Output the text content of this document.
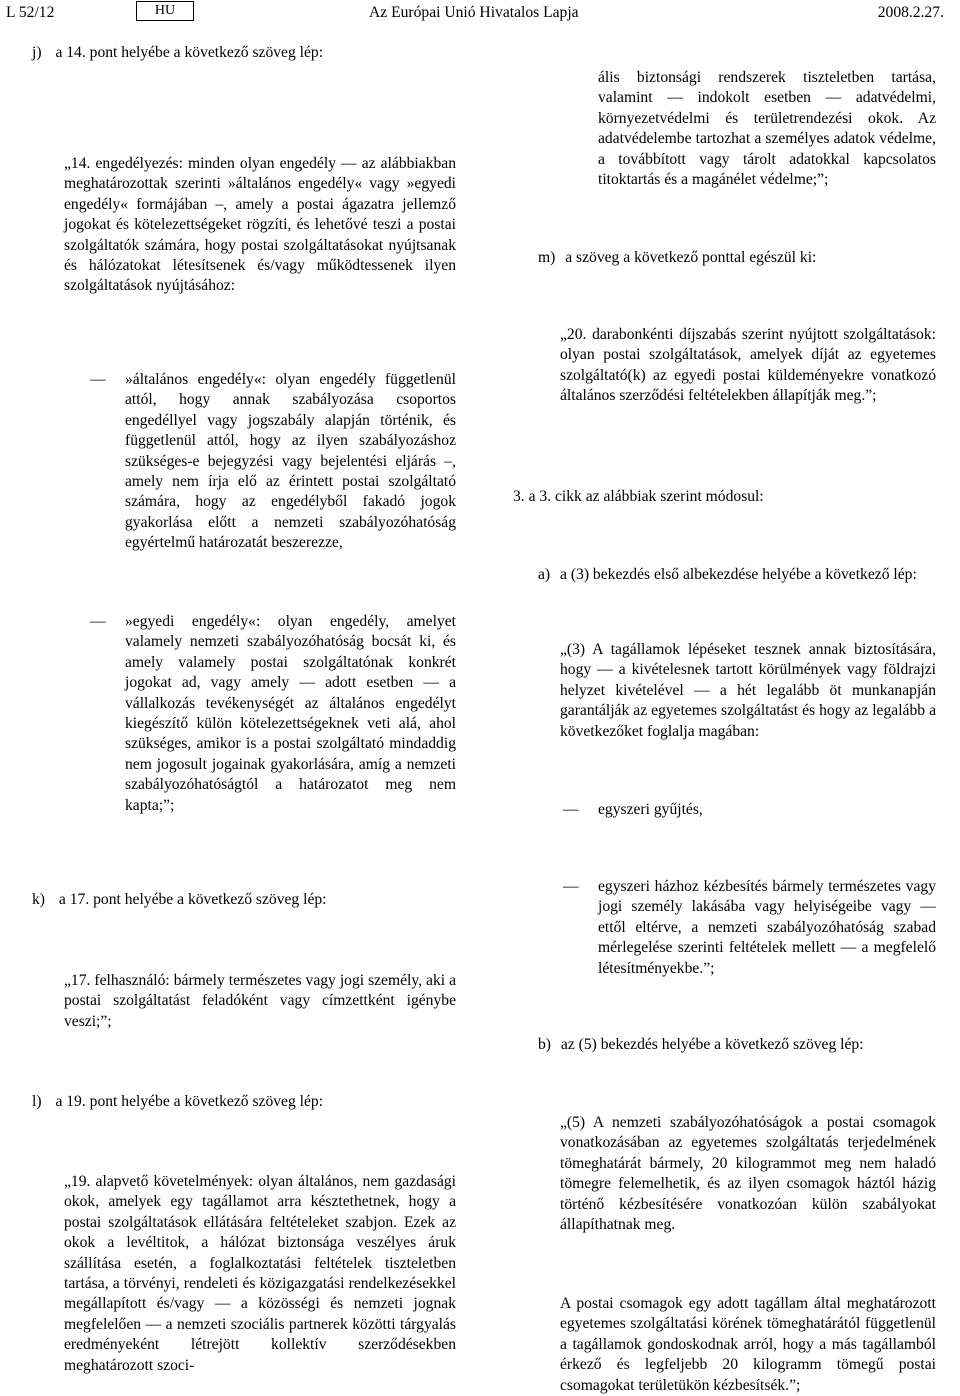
L 52/12	HU	Az Európai Unió Hivatalos Lapja	2008.2.27.
j) a 14. pont helyébe a következő szöveg lép:
„14. engedélyezés: minden olyan engedély — az alábbiakban meghatározottak szerinti »általános engedély« vagy »egyedi engedély« formájában –, amely a postai ágazatra jellemző jogokat és kötelezettségeket rögzíti, és lehetővé teszi a postai szolgáltatók számára, hogy postai szolgáltatásokat nyújtsanak és hálózatokat létesítsenek és/vagy működtessenek ilyen szolgáltatások nyújtásához:
— »általános engedély«: olyan engedély függetlenül attól, hogy annak szabályozása csoportos engedéllyel vagy jogszabály alapján történik, és függetlenül attól, hogy az ilyen szabályozáshoz szükséges-e bejegyzési vagy bejelentési eljárás –, amely nem írja elő az érintett postai szolgáltató számára, hogy az engedélyből fakadó jogok gyakorlása előtt a nemzeti szabályozóhatóság egyértelmű határozatát beszerezze,
— »egyedi engedély«: olyan engedély, amelyet valamely nemzeti szabályozóhatóság bocsát ki, és amely valamely postai szolgáltatónak konkrét jogokat ad, vagy amely — adott esetben — a vállalkozás tevékenységét az általános engedélyt kiegészítő külön kötelezettségeknek veti alá, ahol szükséges, amikor is a postai szolgáltató mindaddig nem jogosult jogainak gyakorlására, amíg a nemzeti szabályozóhatóságtól a határozatot meg nem kapta;”;
k) a 17. pont helyébe a következő szöveg lép:
„17. felhasználó: bármely természetes vagy jogi személy, aki a postai szolgáltatást feladóként vagy címzettként igénybe veszi;”;
l) a 19. pont helyébe a következő szöveg lép:
„19. alapvető követelmények: olyan általános, nem gazdasági okok, amelyek egy tagállamot arra késztethetnek, hogy a postai szolgáltatások ellátására feltételeket szabjon. Ezek az okok a levéltitok, a hálózat biztonsága veszélyes áruk szállítása esetén, a foglalkoztatási feltételek tiszteletben tartása, a törvényi, rendeleti és közigazgatási rendelkezésekkel megállapított és/vagy — a közösségi és nemzeti jognak megfelelően — a nemzeti szociális partnerek közötti tárgyalás eredményeként létrejött kollektív szerződésekben meghatározott szoci-
ális biztonsági rendszerek tiszteletben tartása, valamint — indokolt esetben — adatvédelmi, környezetvédelmi és területrendezési okok. Az adatvédelembe tartozhat a személyes adatok védelme, a továbbított vagy tárolt adatokkal kapcsolatos titoktartás és a magánélet védelme;”;
m) a szöveg a következő ponttal egészül ki:
„20. darabonkénti díjszabás szerint nyújtott szolgáltatások: olyan postai szolgáltatások, amelyek díját az egyetemes szolgáltató(k) az egyedi postai küldeményekre vonatkozó általános szerződési feltételekben állapítják meg.”;
3. a 3. cikk az alábbiak szerint módosul:
a) a (3) bekezdés első albekezdése helyébe a következő lép:
„(3) A tagállamok lépéseket tesznek annak biztosítására, hogy — a kivételesnek tartott körülmények vagy földrajzi helyzet kivételével — a hét legalább öt munkanapján garantálják az egyetemes szolgáltatást és hogy az legalább a következőket foglalja magában:
— egyszeri gyűjtés,
— egyszeri házhoz kézbesítés bármely természetes vagy jogi személy lakásába vagy helyiségeibe vagy — ettől eltérve, a nemzeti szabályozóhatóság szabad mérlegelése szerinti feltételek mellett — a megfelelő létesítményekbe.”;
b) az (5) bekezdés helyébe a következő szöveg lép:
„(5) A nemzeti szabályozóhatóságok a postai csomagok vonatkozásában az egyetemes szolgáltatás terjedelmének tömeghatárát bármely, 20 kilogrammot meg nem haladó tömegre felemelhetik, és az ilyen csomagok háztól házig történő kézbesítésére vonatkozóan külön szabályokat állapíthatnak meg.
A postai csomagok egy adott tagállam által meghatározott egyetemes szolgáltatási körének tömeghatárától függetlenül a tagállamok gondoskodnak arról, hogy a más tagállamból érkező és legfeljebb 20 kilogramm tömegű postai csomagokat területükön kézbesítsék.”;
